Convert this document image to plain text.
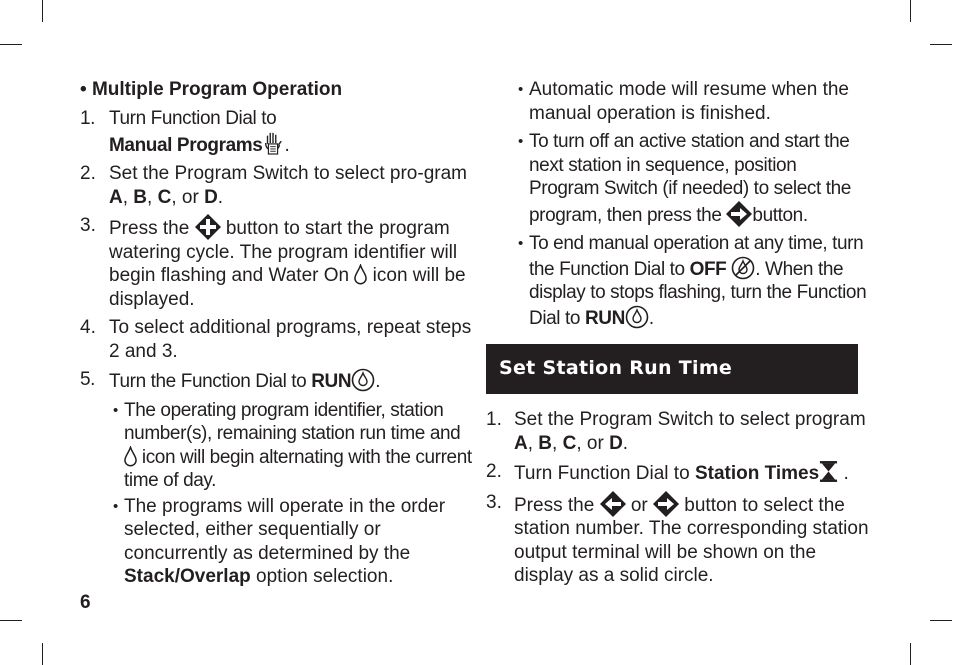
• Multiple Program Operation
1. Turn Function Dial to
Manual Programs .
2. Set the Program Switch to select pro-gram A, B, C, or D.
3. Press the  button to start the program watering cycle. The program identifier will begin flashing and Water On  icon will be displayed.
4. To select additional programs, repeat steps 2 and 3.
5. Turn the Function Dial to RUN .
• The operating program identifier, station number(s), remaining station run time and  icon will begin alternating with the current time of day.
• The programs will operate in the order selected, either sequentially or concurrently as determined by the Stack/Overlap option selection.
6
• Automatic mode will resume when the manual operation is finished.
• To turn off an active station and start the next station in sequence, position Program Switch (if needed) to select the program, then press the button.
• To end manual operation at any time, turn the Function Dial to OFF . When the display to stops flashing, turn the Function Dial to RUN .
Set Station Run Time
1. Set the Program Switch to select program A, B, C, or D.
2. Turn Function Dial to Station Times .
3. Press the  or  button to select the station number. The corresponding station output terminal will be shown on the display as a solid circle.
